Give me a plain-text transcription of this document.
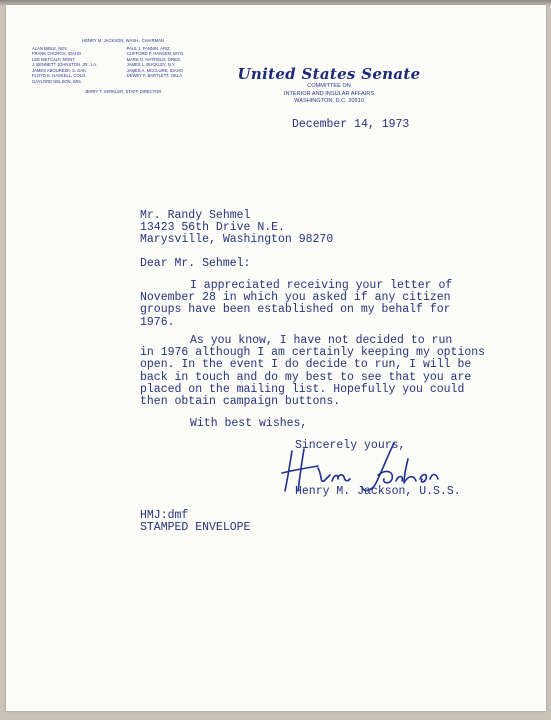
HENRY M. JACKSON, WASH., CHAIRMAN
ALAN BIBLE, NEV.
FRANK CHURCH, IDAHO
LEE METCALF, MONT.
J. BENNETT JOHNSTON, JR., LA.
JAMES ABOUREZK, S. DAK.
FLOYD K. HASKELL, COLO.
GAYLORD NELSON, WIS.
PAUL J. FANNIN, ARIZ.
CLIFFORD P. HANSEN, WYO.
MARK O. HATFIELD, OREG.
JAMES L. BUCKLEY, N.Y.
JAMES A. MCCLURE, IDAHO
DEWEY F. BARTLETT, OKLA.
JERRY T. VERKLER, STAFF DIRECTOR
United States Senate
COMMITTEE ON
INTERIOR AND INSULAR AFFAIRS
WASHINGTON, D.C. 20510
December 14, 1973
Mr. Randy Sehmel
13423 56th Drive N.E.
Marysville, Washington 98270
Dear Mr. Sehmel:
I appreciated receiving your letter of
November 28 in which you asked if any citizen
groups have been established on my behalf for
1976.
As you know, I have not decided to run
in 1976 although I am certainly keeping my options
open. In the event I do decide to run, I will be
back in touch and do my best to see that you are
placed on the mailing list. Hopefully you could
then obtain campaign buttons.
With best wishes,
Sincerely yours,
Henry M. Jackson, U.S.S.
HMJ:dmf
STAMPED ENVELOPE
